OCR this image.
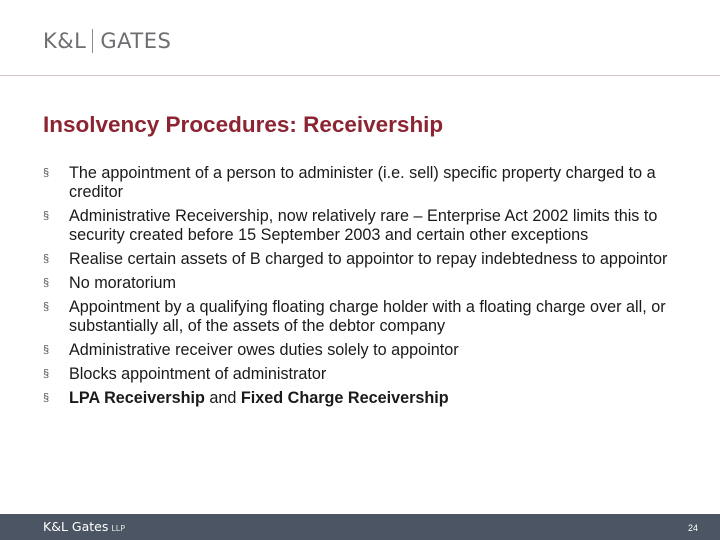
K&L GATES
Insolvency Procedures: Receivership
§ The appointment of a person to administer (i.e. sell) specific property charged to a creditor
§ Administrative Receivership, now relatively rare – Enterprise Act 2002 limits this to security created before 15 September 2003 and certain other exceptions
§ Realise certain assets of B charged to appointor to repay indebtedness to appointor
§ No moratorium
§ Appointment by a qualifying floating charge holder with a floating charge over all, or substantially all, of the assets of the debtor company
§ Administrative receiver owes duties solely to appointor
§ Blocks appointment of administrator
§ LPA Receivership and Fixed Charge Receivership
K&L Gates LLP	24
